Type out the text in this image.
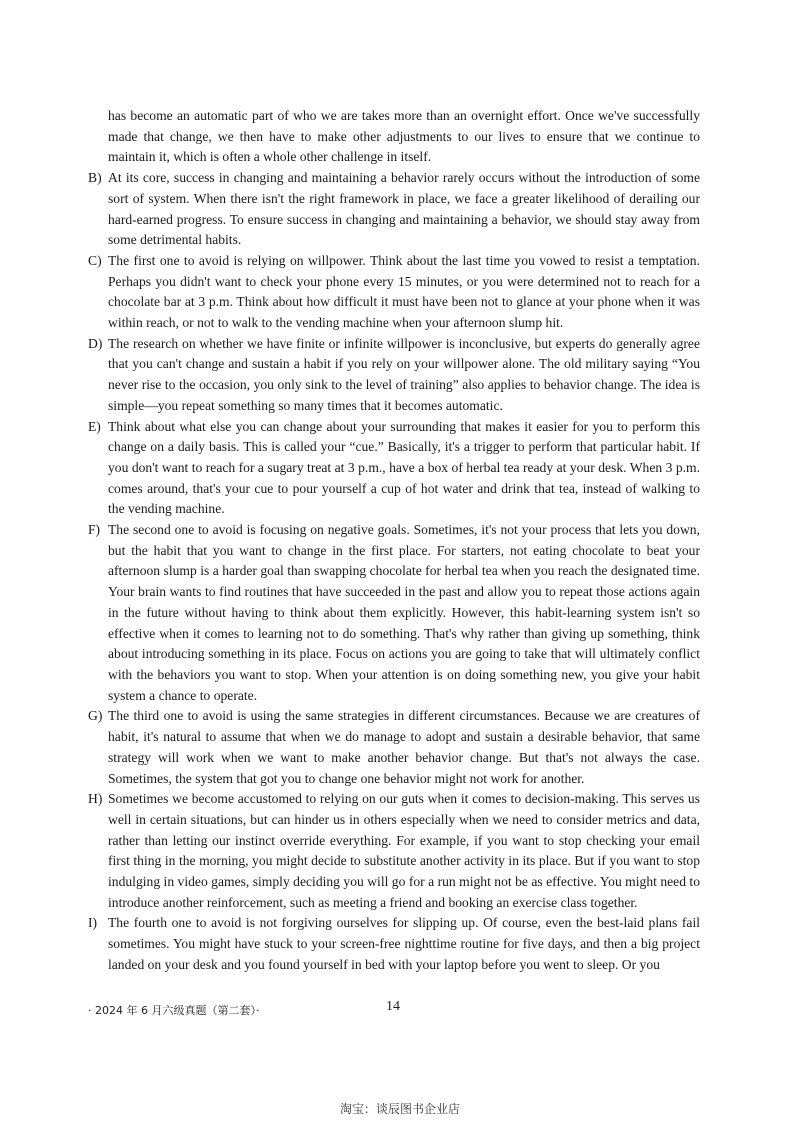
has become an automatic part of who we are takes more than an overnight effort. Once we've successfully made that change, we then have to make other adjustments to our lives to ensure that we continue to maintain it, which is often a whole other challenge in itself.

B) At its core, success in changing and maintaining a behavior rarely occurs without the introduction of some sort of system. When there isn't the right framework in place, we face a greater likelihood of derailing our hard-earned progress. To ensure success in changing and maintaining a behavior, we should stay away from some detrimental habits.

C) The first one to avoid is relying on willpower. Think about the last time you vowed to resist a temptation. Perhaps you didn't want to check your phone every 15 minutes, or you were determined not to reach for a chocolate bar at 3 p.m. Think about how difficult it must have been not to glance at your phone when it was within reach, or not to walk to the vending machine when your afternoon slump hit.

D) The research on whether we have finite or infinite willpower is inconclusive, but experts do generally agree that you can't change and sustain a habit if you rely on your willpower alone. The old military saying “You never rise to the occasion, you only sink to the level of training” also applies to behavior change. The idea is simple—you repeat something so many times that it becomes automatic.

E) Think about what else you can change about your surrounding that makes it easier for you to perform this change on a daily basis. This is called your “cue.” Basically, it's a trigger to perform that particular habit. If you don't want to reach for a sugary treat at 3 p.m., have a box of herbal tea ready at your desk. When 3 p.m. comes around, that's your cue to pour yourself a cup of hot water and drink that tea, instead of walking to the vending machine.

F) The second one to avoid is focusing on negative goals. Sometimes, it's not your process that lets you down, but the habit that you want to change in the first place. For starters, not eating chocolate to beat your afternoon slump is a harder goal than swapping chocolate for herbal tea when you reach the designated time. Your brain wants to find routines that have succeeded in the past and allow you to repeat those actions again in the future without having to think about them explicitly. However, this habit-learning system isn't so effective when it comes to learning not to do something. That's why rather than giving up something, think about introducing something in its place. Focus on actions you are going to take that will ultimately conflict with the behaviors you want to stop. When your attention is on doing something new, you give your habit system a chance to operate.

G) The third one to avoid is using the same strategies in different circumstances. Because we are creatures of habit, it's natural to assume that when we do manage to adopt and sustain a desirable behavior, that same strategy will work when we want to make another behavior change. But that's not always the case. Sometimes, the system that got you to change one behavior might not work for another.

H) Sometimes we become accustomed to relying on our guts when it comes to decision-making. This serves us well in certain situations, but can hinder us in others especially when we need to consider metrics and data, rather than letting our instinct override everything. For example, if you want to stop checking your email first thing in the morning, you might decide to substitute another activity in its place. But if you want to stop indulging in video games, simply deciding you will go for a run might not be as effective. You might need to introduce another reinforcement, such as meeting a friend and booking an exercise class together.

I) The fourth one to avoid is not forgiving ourselves for slipping up. Of course, even the best-laid plans fail sometimes. You might have stuck to your screen-free nighttime routine for five days, and then a big project landed on your desk and you found yourself in bed with your laptop before you went to sleep. Or you

· 2024 年 6 月六级真题（第二套）·	14
淘宝：谈辰图书企业店
